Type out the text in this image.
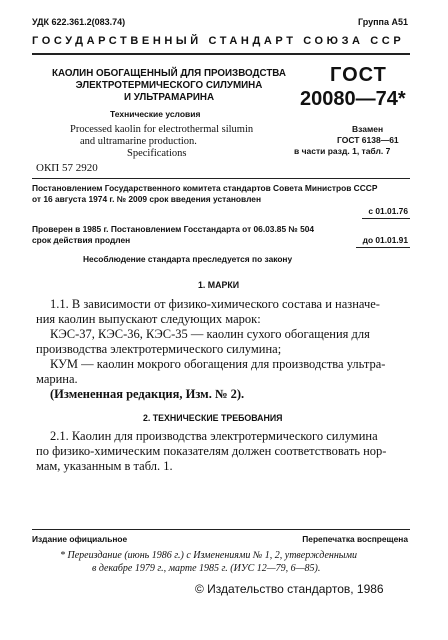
УДК 622.361.2(083.74)	Группа А51
ГОСУДАРСТВЕННЫЙ СТАНДАРТ СОЮЗА ССР
КАОЛИН ОБОГАЩЕННЫЙ ДЛЯ ПРОИЗВОДСТВА
ЭЛЕКТРОТЕРМИЧЕСКОГО СИЛУМИНА
И УЛЬТРАМАРИНА
Технические условия
Processed kaolin for electrothermal silumin
and ultramarine production.
Specifications
ОКП 57 2920
ГОСТ
20080—74*
Взамен
ГОСТ 6138—61
в части разд. 1, табл. 7
Постановлением Государственного комитета стандартов Совета Министров СССР
от 16 августа 1974 г. № 2009 срок введения установлен
с 01.01.76
Проверен в 1985 г. Постановлением Госстандарта от 06.03.85 № 504
срок действия продлен	до 01.01.91
Несоблюдение стандарта преследуется по закону
1. МАРКИ
1.1. В зависимости от физико-химического состава и назначе-
ния каолин выпускают следующих марок:
КЭС-37, КЭС-36, КЭС-35 — каолин сухого обогащения для
производства электротермического силумина;
КУМ — каолин мокрого обогащения для производства ультра-
марина.
(Измененная редакция, Изм. № 2).
2. ТЕХНИЧЕСКИЕ ТРЕБОВАНИЯ
2.1. Каолин для производства электротермического силумина
по физико-химическим показателям должен соответствовать нор-
мам, указанным в табл. 1.
Издание официальное	Перепечатка воспрещена
* Переиздание (июнь 1986 г.) с Изменениями № 1, 2, утвержденными
в декабре 1979 г., марте 1985 г. (ИУС 12—79, 6—85).
© Издательство стандартов, 1986
